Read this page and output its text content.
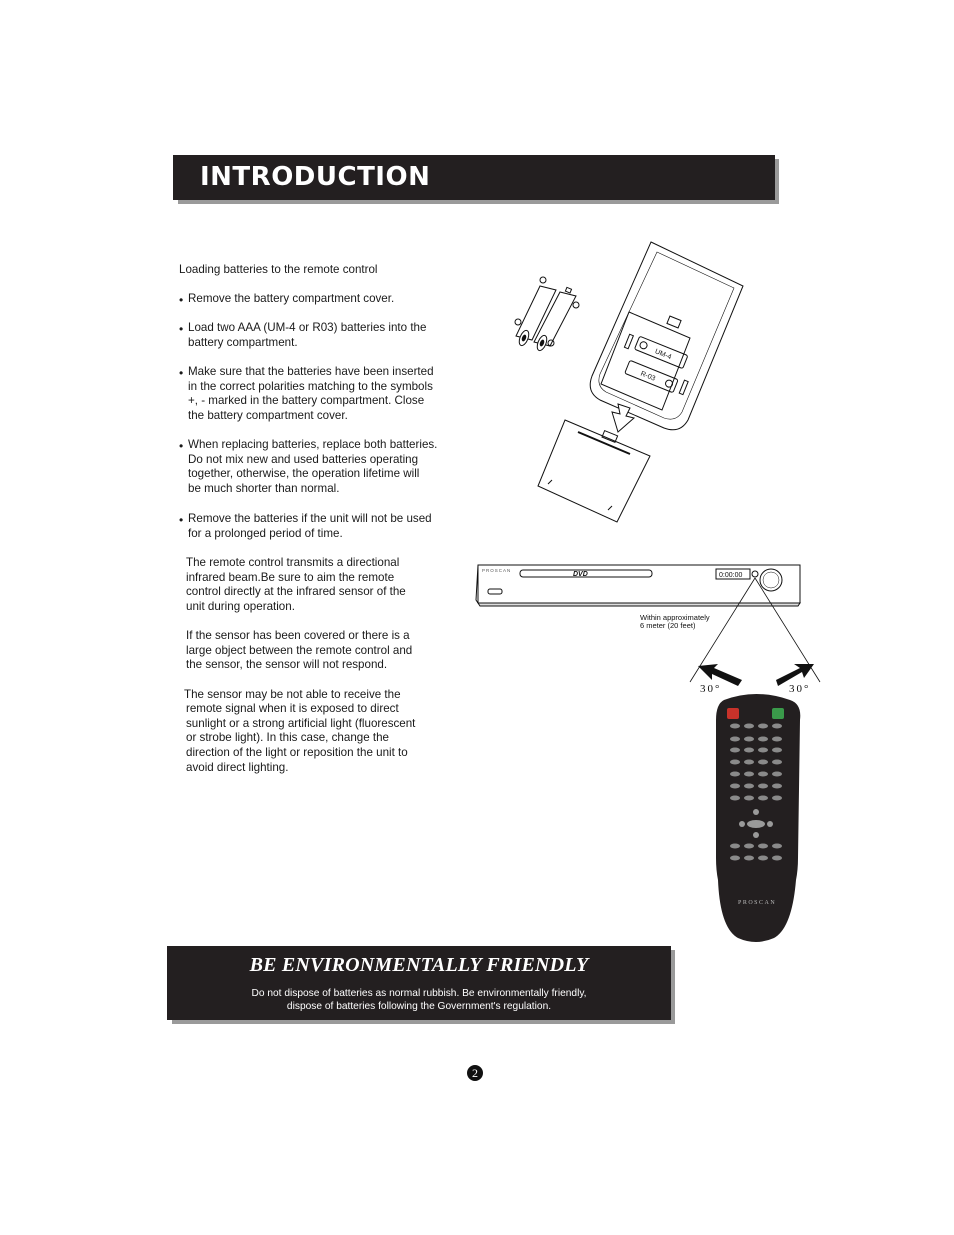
INTRODUCTION
Loading batteries to the remote control
• Remove the battery compartment cover.
• Load two AAA (UM-4 or R03) batteries into the
battery compartment.
• Make sure that the batteries have been inserted
in the correct polarities matching to the symbols
+, - marked in the battery compartment. Close
the battery compartment cover.
• When replacing batteries, replace both batteries.
Do not mix new and used batteries operating
together, otherwise, the operation lifetime will
be much shorter than normal.
• Remove the batteries if the unit will not be used
for a prolonged period of time.
The remote control transmits a directional
infrared beam.Be sure to aim the remote
control directly at the infrared sensor of the
unit during operation.
If the sensor has been covered or there is a
large object between the remote control and
the sensor, the sensor will not respond.
The sensor may be not able to receive the
remote signal when it is exposed to direct
sunlight or a strong artificial light (fluorescent
or strobe light). In this case, change the
direction of the light or reposition the unit to
avoid direct lighting.
UM-4
R-03
DVD
PROSCAN
0:00:00
Within approximately
6 meter (20 feet)
30°	30°
PROSCAN
BE ENVIRONMENTALLY FRIENDLY
Do not dispose of batteries as normal rubbish. Be environmentally friendly,
dispose of batteries following the Government's regulation.
2
